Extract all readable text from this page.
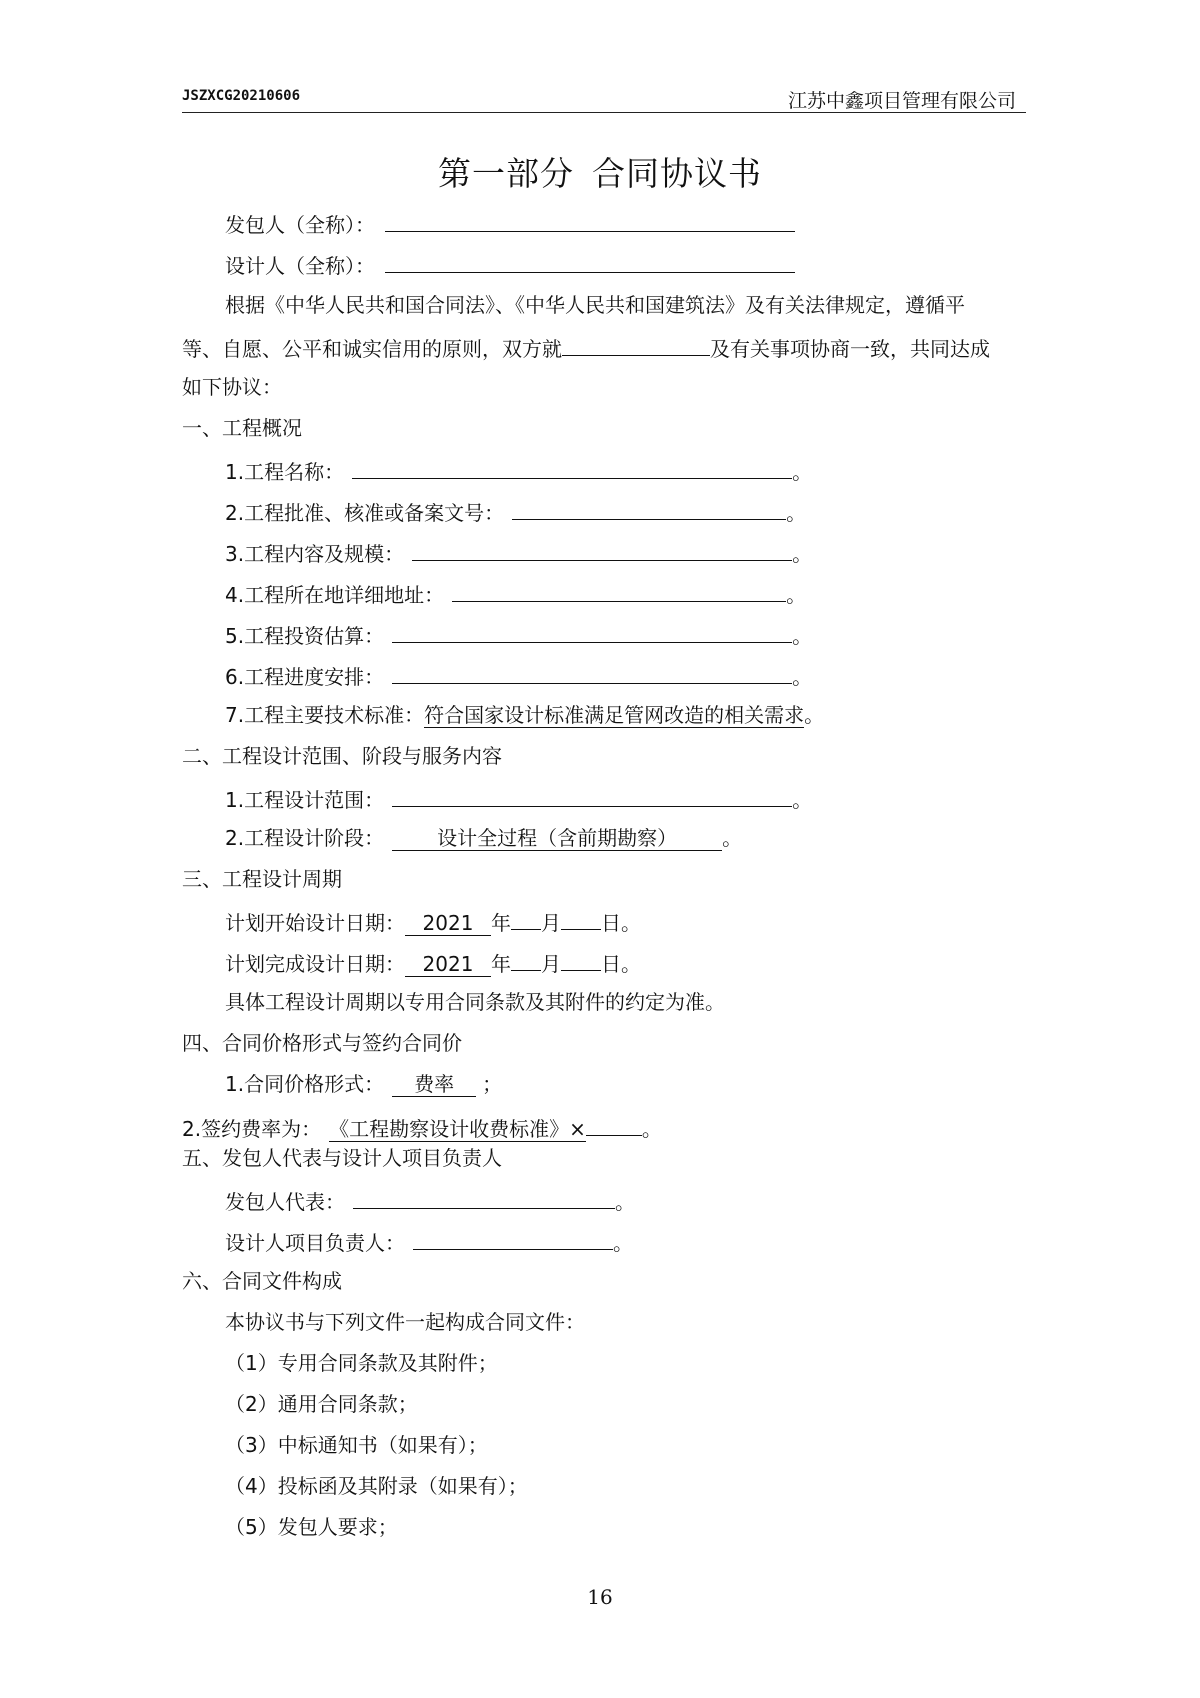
JSZXCG20210606	江苏中鑫项目管理有限公司
第一部分 合同协议书
发包人（全称）：
设计人（全称）：
根据《中华人民共和国合同法》、《中华人民共和国建筑法》及有关法律规定，遵循平
等、自愿、公平和诚实信用的原则，双方就	及有关事项协商一致，共同达成
如下协议：
一、工程概况
1.工程名称：	。
2.工程批准、核准或备案文号：	。
3.工程内容及规模：	。
4.工程所在地详细地址：	。
5.工程投资估算：	。
6.工程进度安排：	。
7.工程主要技术标准：符合国家设计标准满足管网改造的相关需求。
二、工程设计范围、阶段与服务内容
1.工程设计范围：	。
2.工程设计阶段：	设计全过程（含前期勘察） 。
三、工程设计周期
计划开始设计日期： 2021 年 月 日。
计划完成设计日期： 2021 年 月 日。
具体工程设计周期以专用合同条款及其附件的约定为准。
四、合同价格形式与签约合同价
1.合同价格形式： 费率 ；
2.签约费率为： 《工程勘察设计收费标准》×	。
五、发包人代表与设计人项目负责人
发包人代表：	。
设计人项目负责人：	。
六、合同文件构成
本协议书与下列文件一起构成合同文件：
（1）专用合同条款及其附件；
（2）通用合同条款；
（3）中标通知书（如果有）；
（4）投标函及其附录（如果有）；
（5）发包人要求；
16
